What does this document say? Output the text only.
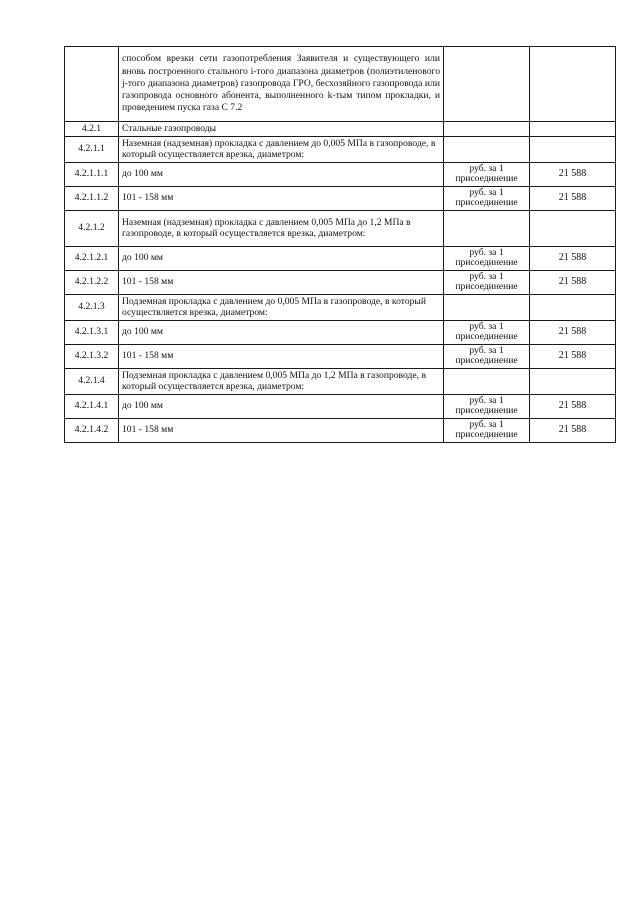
	способом врезки сети газопотребления Заявителя и существующего или вновь построенного стального i-того диапазона диаметров (полиэтиленового j-того диапазона диаметров) газопровода ГРО, бесхозяйного газопровода или газопровода основного абонента, выполненного k-тым типом прокладки, и проведением пуска газа С 7.2		
4.2.1	Стальные газопроводы		
4.2.1.1	Наземная (надземная) прокладка с давлением до 0,005 МПа в газопроводе, в который осуществляется врезка, диаметром:		
4.2.1.1.1	до 100 мм	руб. за 1 присоединение	21 588
4.2.1.1.2	101 - 158 мм	руб. за 1 присоединение	21 588
4.2.1.2	Наземная (надземная) прокладка с давлением 0,005 МПа до 1,2 МПа в газопроводе, в который осуществляется врезка, диаметром:		
4.2.1.2.1	до 100 мм	руб. за 1 присоединение	21 588
4.2.1.2.2	101 - 158 мм	руб. за 1 присоединение	21 588
4.2.1.3	Подземная прокладка с давлением до 0,005 МПа в газопроводе, в который осуществляется врезка, диаметром:		
4.2.1.3.1	до 100 мм	руб. за 1 присоединение	21 588
4.2.1.3.2	101 - 158 мм	руб. за 1 присоединение	21 588
4.2.1.4	Подземная прокладка с давлением 0,005 МПа до 1,2 МПа в газопроводе, в который осуществляется врезка, диаметром:		
4.2.1.4.1	до 100 мм	руб. за 1 присоединение	21 588
4.2.1.4.2	101 - 158 мм	руб. за 1 присоединение	21 588
